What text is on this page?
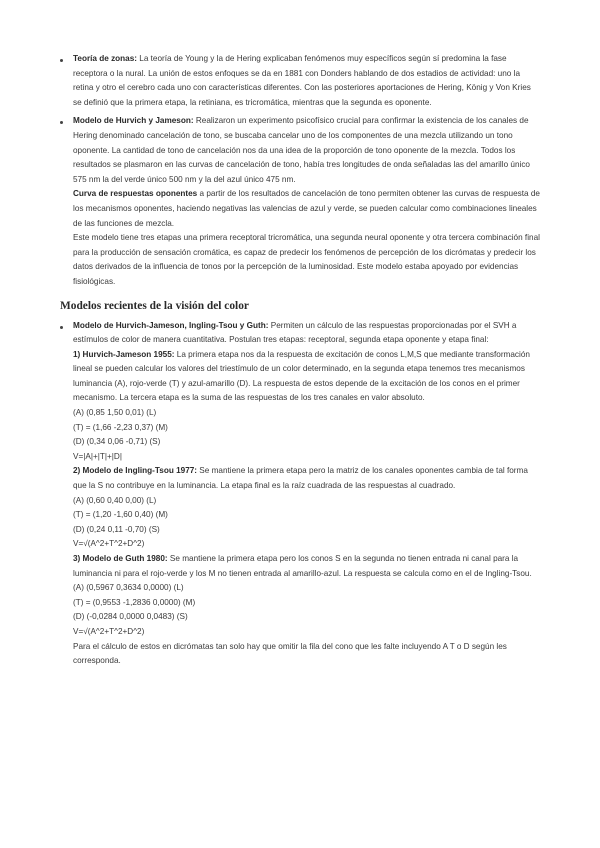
Teoría de zonas: La teoría de Young y la de Hering explicaban fenómenos muy específicos según sí predomina la fase receptora o la nural. La unión de estos enfoques se da en 1881 con Donders hablando de dos estadios de actividad: uno la retina y otro el cerebro cada uno con características diferentes. Con las posteriores aportaciones de Hering, König y Von Kries se definió que la primera etapa, la retiniana, es tricromática, mientras que la segunda es oponente.

Modelo de Hurvich y Jameson: Realizaron un experimento psicofísico crucial para confirmar la existencia de los canales de Hering denominado cancelación de tono, se buscaba cancelar uno de los componentes de una mezcla utilizando un tono oponente. La cantidad de tono de cancelación nos da una idea de la proporción de tono oponente de la mezcla. Todos los resultados se plasmaron en las curvas de cancelación de tono, había tres longitudes de onda señaladas las del amarillo único 575 nm la del verde único 500 nm y la del azul único 475 nm.

Curva de respuestas oponentes a partir de los resultados de cancelación de tono permiten obtener las curvas de respuesta de los mecanismos oponentes, haciendo negativas las valencias de azul y verde, se pueden calcular como combinaciones lineales de las funciones de mezcla.

Este modelo tiene tres etapas una primera receptoral tricromática, una segunda neural oponente y otra tercera combinación final para la producción de sensación cromática, es capaz de predecir los fenómenos de percepción de los dicrómatas y predecir los datos derivados de la influencia de tonos por la percepción de la luminosidad. Este modelo estaba apoyado por evidencias fisiológicas.

Modelos recientes de la visión del color

Modelo de Hurvich-Jameson, Ingling-Tsou y Guth: Permiten un cálculo de las respuestas proporcionadas por el SVH a estímulos de color de manera cuantitativa. Postulan tres etapas: receptoral, segunda etapa oponente y etapa final:

1) Hurvich-Jameson 1955: La primera etapa nos da la respuesta de excitación de conos L,M,S que mediante transformación lineal se pueden calcular los valores del triestímulo de un color determinado, en la segunda etapa tenemos tres mecanismos luminancia (A), rojo-verde (T) y azul-amarillo (D). La respuesta de estos depende de la excitación de los conos en el primer mecanismo. La tercera etapa es la suma de las respuestas de los tres canales en valor absoluto.

(A) (0,85 1,50 0,01) (L)

(T) = (1,66 -2,23 0,37) (M)

(D) (0,34 0,06 -0,71) (S)

V=|A|+|T|+|D|

2) Modelo de Ingling-Tsou 1977: Se mantiene la primera etapa pero la matriz de los canales oponentes cambia de tal forma que la S no contribuye en la luminancia. La etapa final es la raíz cuadrada de las respuestas al cuadrado.

(A) (0,60 0,40 0,00) (L)

(T) = (1,20 -1,60 0,40) (M)

(D) (0,24 0,11 -0,70) (S)

V=√(A^2+T^2+D^2)

3) Modelo de Guth 1980: Se mantiene la primera etapa pero los conos S en la segunda no tienen entrada ni canal para la luminancia ni para el rojo-verde y los M no tienen entrada al amarillo-azul. La respuesta se calcula como en el de Ingling-Tsou.

(A) (0,5967 0,3634 0,0000) (L)

(T) = (0,9553 -1,2836 0,0000) (M)

(D) (-0,0284 0,0000 0,0483) (S)

V=√(A^2+T^2+D^2)

Para el cálculo de estos en dicrómatas tan solo hay que omitir la fila del cono que les falte incluyendo A T o D según les corresponda.
